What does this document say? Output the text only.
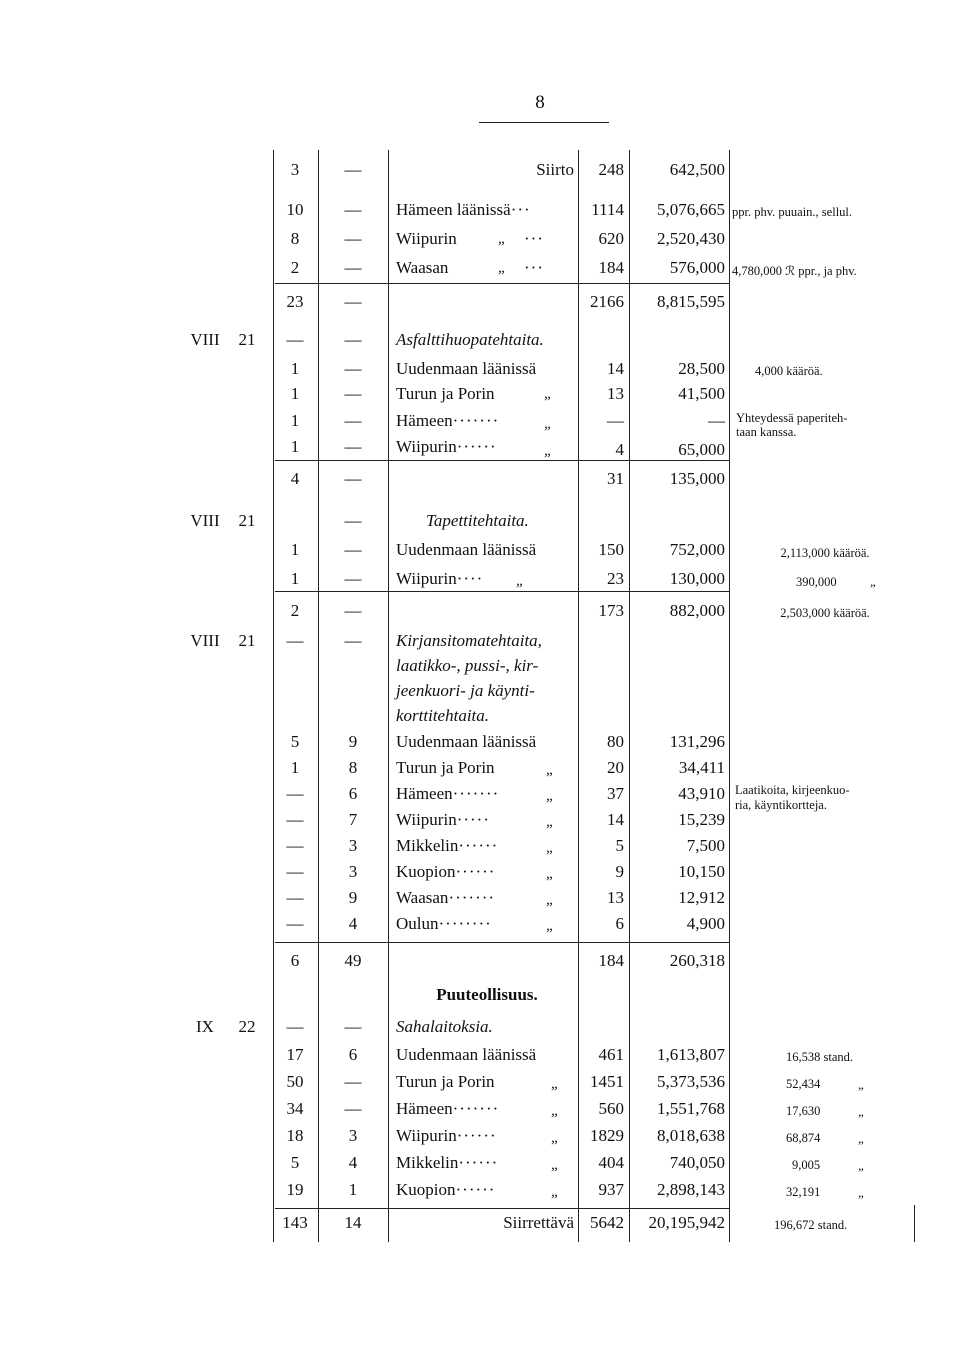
8
3	—	Siirto	248	642,500
10	—	Hämeen läänissä···	1114	5,076,665 ppr. phv. puuain., sellul.
8	—	Wiipurin	„ ···	620	2,520,430
2	—	Waasan	„ ···	184	576,000 4,780,000 ℛ ppr., ja phv.
23	—	2166	8,815,595
VIII	21	—	—	Asfalttihuopatehtaita.
1	—	Uudenmaan läänissä	14	28,500 4,000 kääröä.
1	—	Turun ja Porin	„	13	41,500
1	—	Hämeen·······	„	—	— Yhteydessä paperiteh-
taan kanssa.
1	—	Wiipurin······	„	4	65,000
4	—	31	135,000
VIII	21	—	Tapettitehtaita.
1	—	Uudenmaan läänissä	150	752,000	2,113,000 kääröä.
1	—	Wiipurin···· „	23	130,000	390,000	„
2	—	173	882,000	2,503,000 kääröä.
VIII	21	—	—	Kirjansitomatehtaita,
laatikko-, pussi-, kir-
jeenkuori- ja käynti-
korttitehtaita.
5	9	Uudenmaan läänissä	80	131,296
1	8	Turun ja Porin	„	20	34,411
—	6	Hämeen·······	„	37	43,910 Laatikoita, kirjeenkuo-
ria, käyntikortteja.
—	7	Wiipurin·····	„	14	15,239
—	3	Mikkelin······	„	5	7,500
—	3	Kuopion······	„	9	10,150
—	9	Waasan·······	„	13	12,912
—	4	Oulun········	„	6	4,900
6	49	184	260,318
Puuteollisuus.
IX	22	—	—	Sahalaitoksia.
17	6	Uudenmaan läänissä	461	1,613,807	16,538 stand.
50	—	Turun ja Porin	„	1451	5,373,536	52,434	„
34	—	Hämeen·······	„	560	1,551,768	17,630	„
18	3	Wiipurin······	„	1829	8,018,638	68,874	„
5	4	Mikkelin······	„	404	740,050	9,005	„
19	1	Kuopion······	„	937	2,898,143	32,191	„
143	14	Siirrettävä 5642	20,195,942	196,672 stand.
